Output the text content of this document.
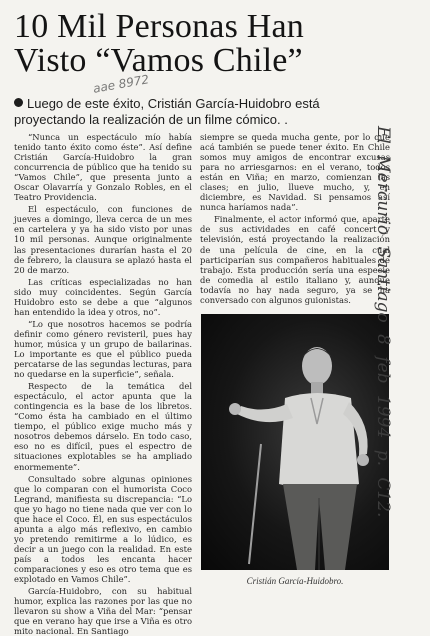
10 Mil Personas Han
Visto “Vamos Chile”
aae 8972
Luego de este éxito, Cristián García-Huidobro está proyectando la realización de un filme cómico. .

“Nunca un espectáculo mío había tenido tanto éxito como éste”. Así define Cristián García-Huidobro la gran concurrencia de público que ha tenido su “Vamos Chile”, que presenta junto a Oscar Olavarría y Gonzalo Robles, en el Teatro Providencia.

El espectáculo, con funciones de jueves a domingo, lleva cerca de un mes en cartelera y ya ha sido visto por unas 10 mil personas. Aunque originalmente las presentaciones durarían hasta el 20 de febrero, la clausura se aplazó hasta el 20 de marzo.

Las críticas especializadas no han sido muy coincidentes. Según García Huidobro esto se debe a que “algunos han entendido la idea y otros, no”.

“Lo que nosotros hacemos se podría definir como género revisteril, pues hay humor, música y un grupo de bailarinas. Lo importante es que el público pueda percatarse de las segundas lecturas, para no quedarse en la superficie”, señala.

Respecto de la temática del espectáculo, el actor apunta que la contingencia es la base de los libretos. “Como ésta ha cambiado en el último tiempo, el público exige mucho más y nosotros debemos dárselo. En todo caso, eso no es difícil, pues el espectro de situaciones explotables se ha ampliado enormemente”.

Consultado sobre algunas opiniones que lo comparan con el humorista Coco Legrand, manifiesta su discrepancia: “Lo que yo hago no tiene nada que ver con lo que hace el Coco. Él, en sus espectáculos apunta a algo más reflexivo, en cambio yo pretendo remitirme a lo lúdico, es decir a un juego con la realidad. En este país a todos les encanta hacer comparaciones y eso es otro tema que es explotado en Vamos Chile”.

García-Huidobro, con su habitual humor, explica las razones por las que no llevaron su show a Viña del Mar: “pensar que en verano hay que irse a Viña es otro mito nacional. En Santiago

siempre se queda mucha gente, por lo que acá también se puede tener éxito. En Chile somos muy amigos de encontrar excusas para no arriesgarnos: en el verano, todos están en Viña; en marzo, comienzan las clases; en julio, llueve mucho, y, en diciembre, es Navidad. Si pensamos así nunca haríamos nada”.

Finalmente, el actor informó que, aparte de sus actividades en café concert y televisión, está proyectando la realización de una película de cine, en la cual participarían sus compañeros habituales de trabajo. Esta producción sería una especie de comedia al estilo italiano y, aunque todavía no hay nada seguro, ya se ha conversado con algunos guionistas.

Cristián García-Huidobro.
El Mercurio Santiago 8 feb 1994 p. C12.
